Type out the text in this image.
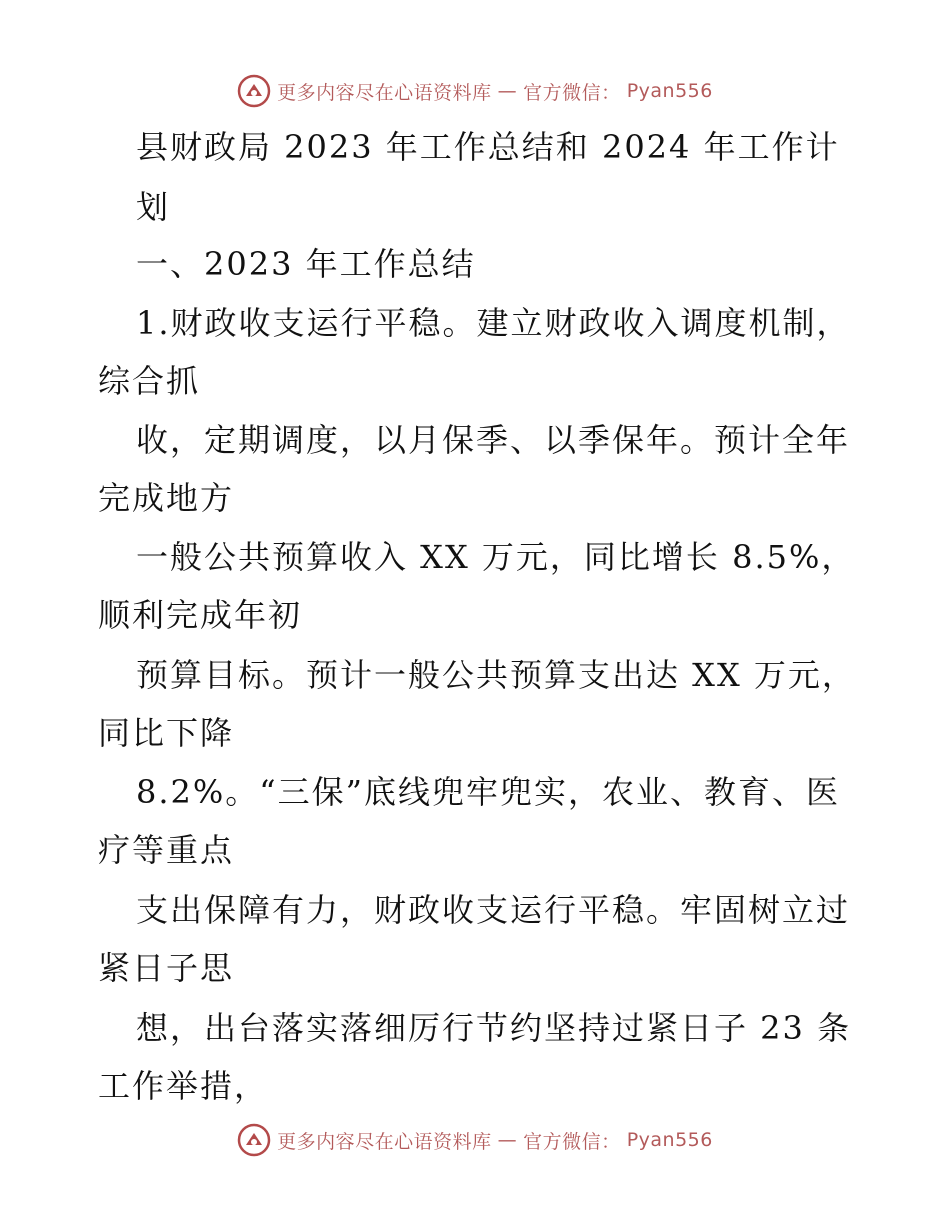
更多内容尽在心语资料库 — 官方微信： Pyan556
县财政局 2023 年工作总结和 2024 年工作计
划
一、2023 年工作总结
1.财政收支运行平稳。建立财政收入调度机制，
综合抓
收，定期调度，以月保季、以季保年。预计全年
完成地方
一般公共预算收入 XX 万元，同比增长 8.5%，
顺利完成年初
预算目标。预计一般公共预算支出达 XX 万元，
同比下降
8.2%。“三保”底线兜牢兜实，农业、教育、医
疗等重点
支出保障有力，财政收支运行平稳。牢固树立过
紧日子思
想，出台落实落细厉行节约坚持过紧日子 23 条
工作举措，
更多内容尽在心语资料库 — 官方微信： Pyan556
